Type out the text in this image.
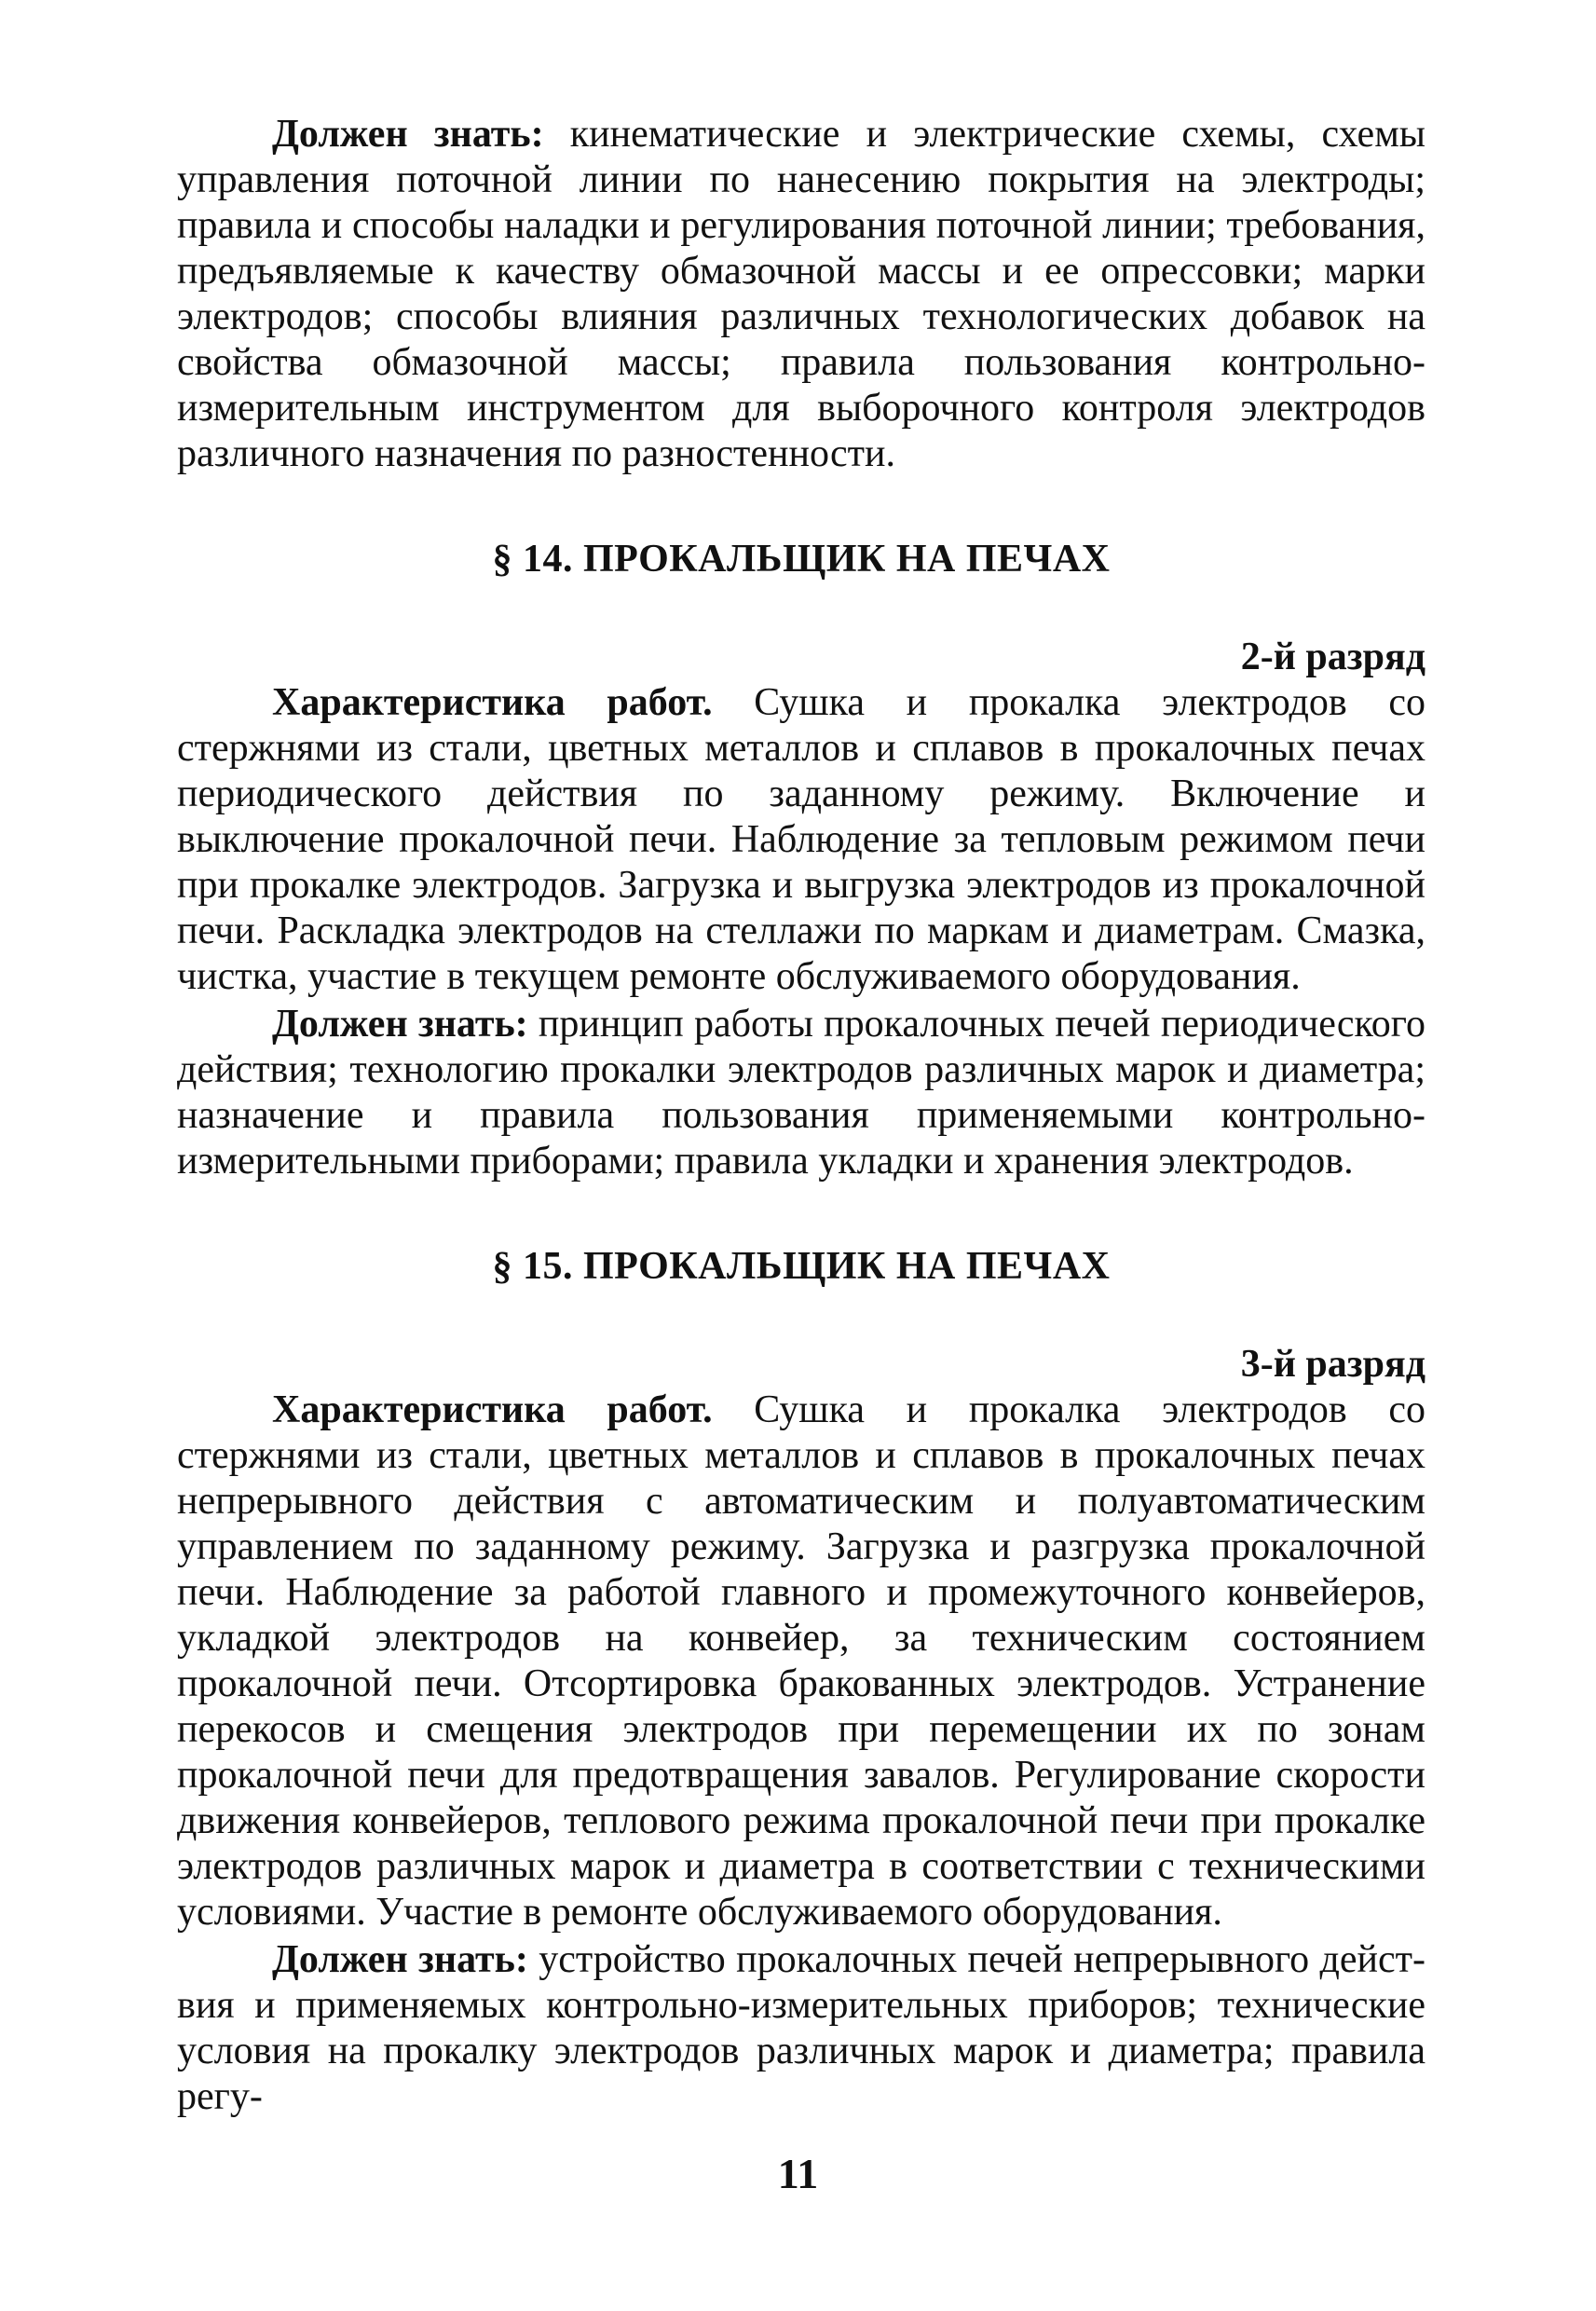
Должен знать: кинематические и электрические схемы, схемы управления поточной линии по нанесению покрытия на электроды; правила и способы наладки и регулирования поточной линии; требования, предъявляемые к качеству обмазочной массы и ее опрессовки; марки электродов; способы влияния различных технологических добавок на свойства обмазочной массы; правила пользования контрольно-измерительным инструментом для выборочного контроля электродов различного назначения по разностенности.

§ 14. ПРОКАЛЬЩИК НА ПЕЧАХ
2-й разряд

Характеристика работ. Сушка и прокалка электродов со стержнями из стали, цветных металлов и сплавов в прокалочных печах периодического действия по заданному режиму. Включение и выключение прокалочной печи. Наблюдение за тепловым режимом печи при прокалке электродов. Загрузка и выгрузка электродов из прокалочной печи. Раскладка электродов на стеллажи по маркам и диаметрам. Смазка, чистка, участие в текущем ремонте обслуживаемого оборудования.

Должен знать: принцип работы прокалочных печей периодического действия; технологию прокалки электродов различных марок и диаметра; назначение и правила пользования применяемыми контрольно-измерительными приборами; правила укладки и хранения электродов.

§ 15. ПРОКАЛЬЩИК НА ПЕЧАХ
3-й разряд

Характеристика работ. Сушка и прокалка электродов со стержнями из стали, цветных металлов и сплавов в прокалочных печах непрерывного действия с автоматическим и полуавтоматическим управлением по заданному режиму. Загрузка и разгрузка прокалочной печи. Наблюдение за работой главного и промежуточного конвейеров, укладкой электродов на конвейер, за техническим состоянием прокалочной печи. Отсортировка бракованных электродов. Устранение перекосов и смещения электродов при перемещении их по зонам прокалочной печи для предотвращения завалов. Регулирование скорости движения конвейеров, теплового режима прокалочной печи при прокалке электродов различных марок и диаметра в соответствии с техническими условиями. Участие в ремонте обслуживаемого оборудования.

Должен знать: устройство прокалочных печей непрерывного действия и применяемых контрольно-измерительных приборов; технические условия на прокалку электродов различных марок и диаметра; правила регу-

11
